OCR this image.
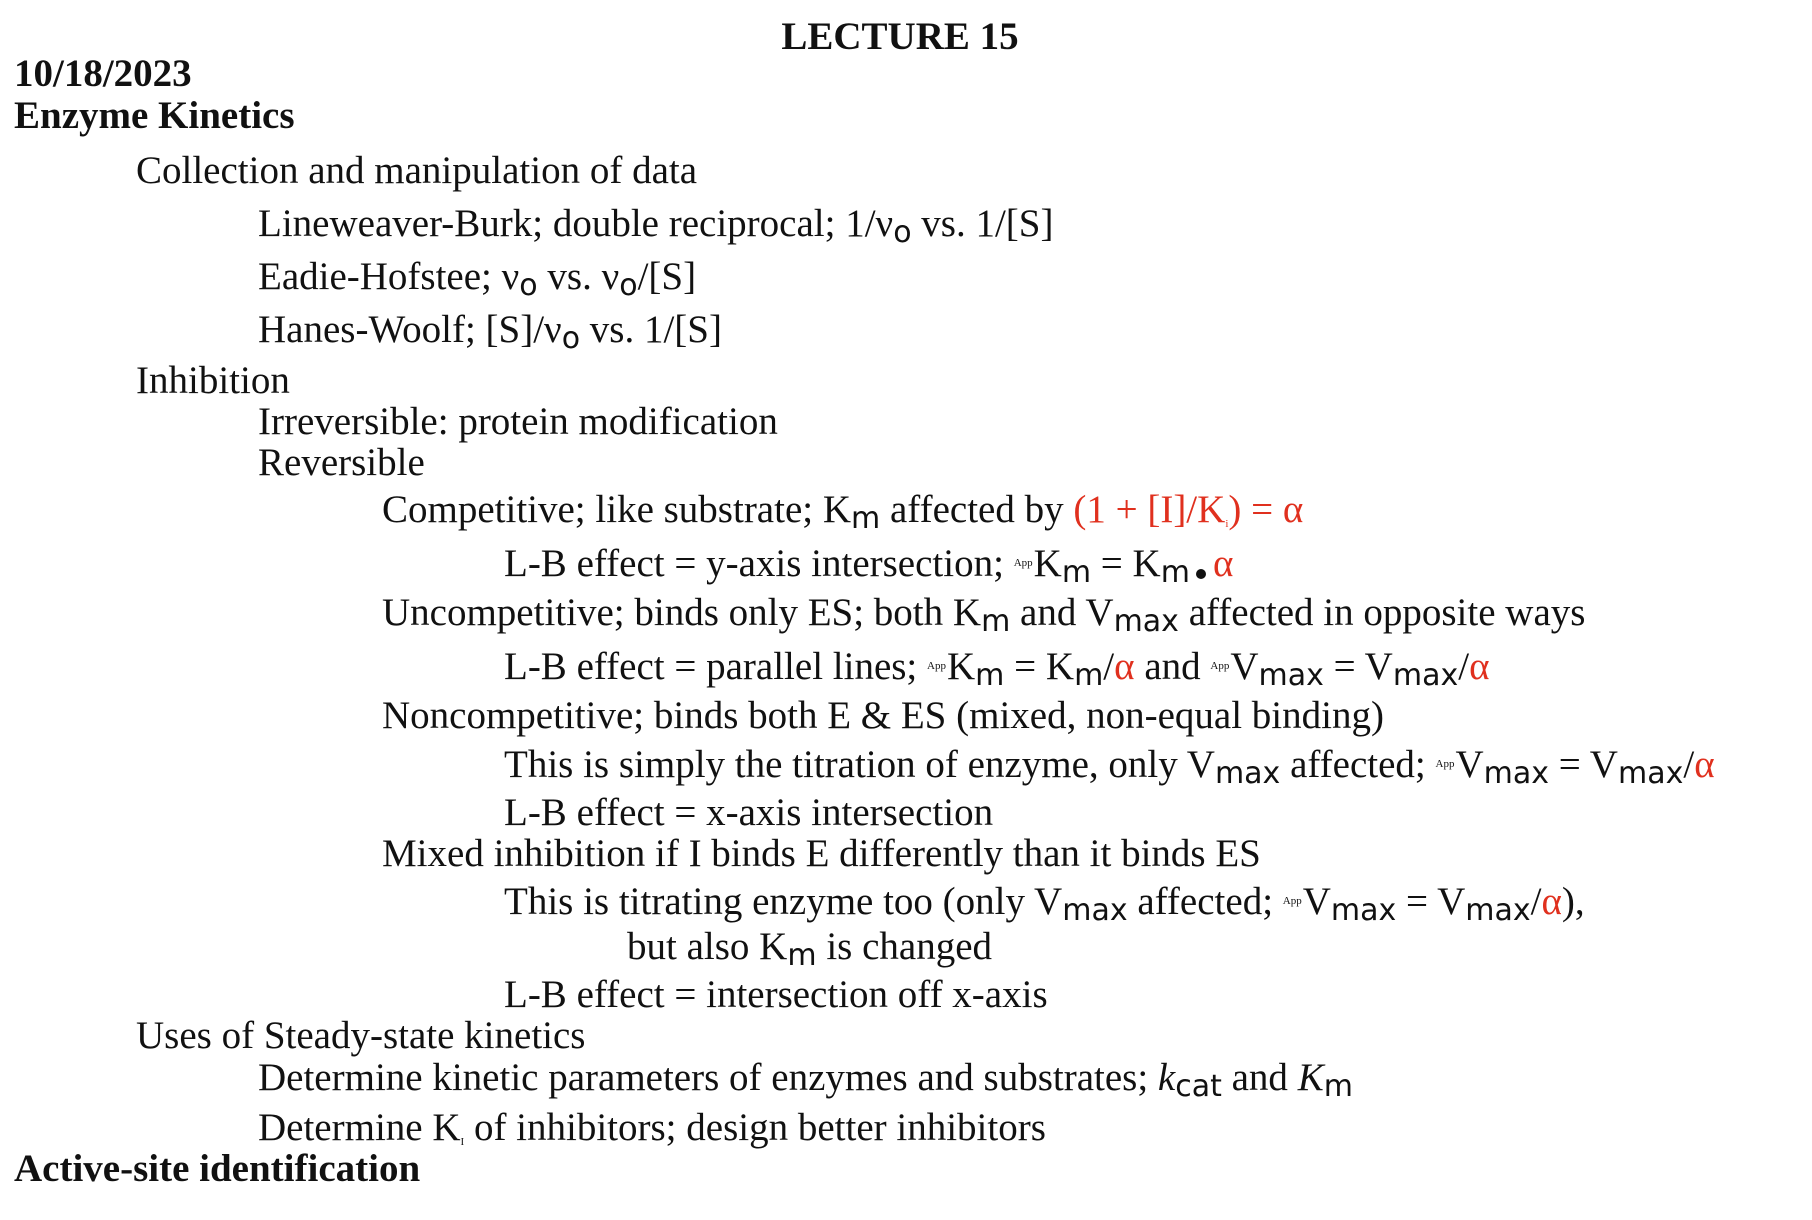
LECTURE 15
10/18/2023
Enzyme Kinetics
Collection and manipulation of data
Lineweaver-Burk; double reciprocal; 1/νo vs. 1/[S]
Eadie-Hofstee; νo vs. νo/[S]
Hanes-Woolf; [S]/νo vs. 1/[S]
Inhibition
Irreversible: protein modification
Reversible
Competitive; like substrate; Km affected by (1 + [I]/Ki) = α
L-B effect = y-axis intersection; $^{App}$Km = Km α
Uncompetitive; binds only ES; both Km and Vmax affected in opposite ways
L-B effect = parallel lines; $^{App}$Km = Km/α and $^{App}$Vmax = Vmax/α
Noncompetitive; binds both E & ES (mixed, non-equal binding)
This is simply the titration of enzyme, only Vmax affected; $^{App}$Vmax = Vmax/α
L-B effect = x-axis intersection
Mixed inhibition if I binds E differently than it binds ES
This is titrating enzyme too (only Vmax affected; $^{App}$Vmax = Vmax/α),
but also Km is changed
L-B effect = intersection off x-axis
Uses of Steady-state kinetics
Determine kinetic parameters of enzymes and substrates; kcat and Km
Determine KI of inhibitors; design better inhibitors
Active-site identification
